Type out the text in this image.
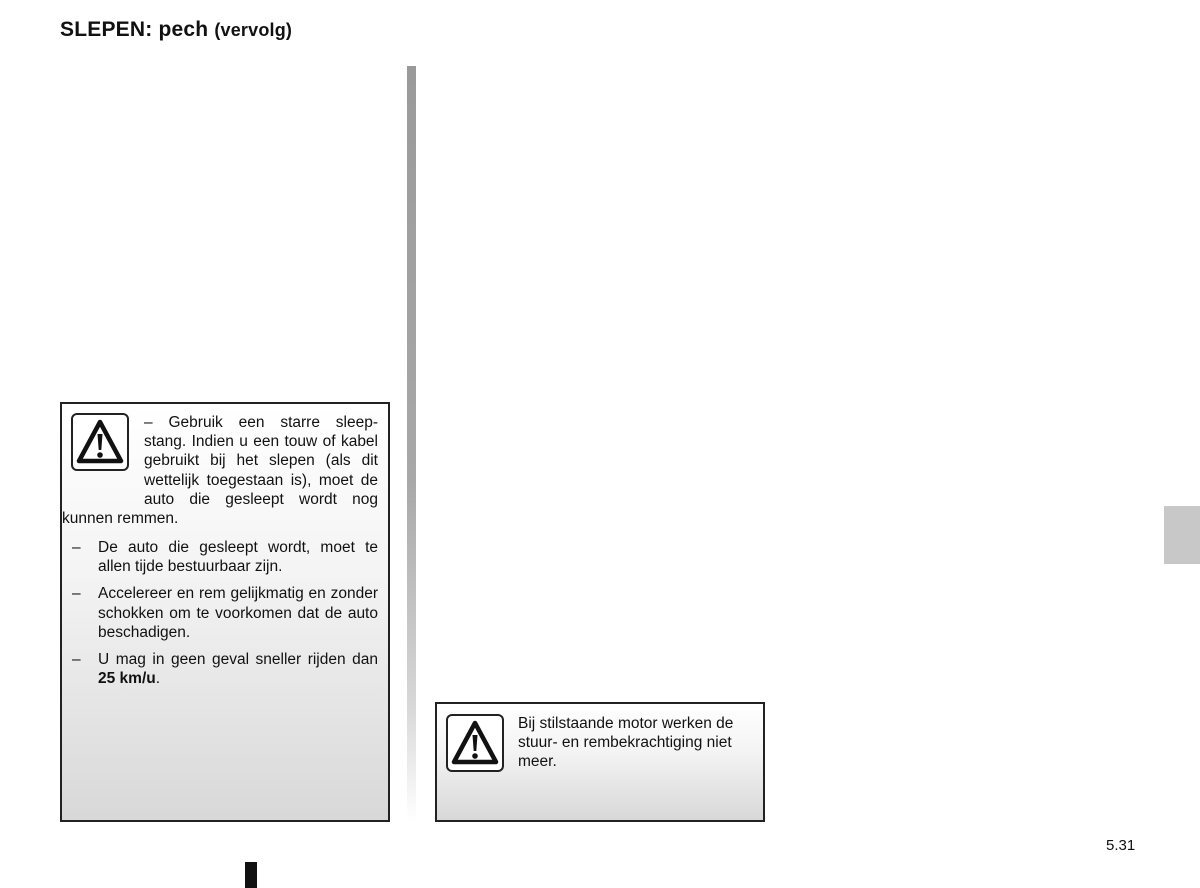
SLEPEN: pech (vervolg)
– Gebruik een starre sleep- stang. Indien u een touw of kabel gebruikt bij het slepen (als dit wettelijk toegestaan is), moet de auto die gesleept wordt nog kunnen remmen.
– De auto die gesleept wordt, moet te allen tijde bestuurbaar zijn.
– Accelereer en rem gelijkmatig en zonder schokken om te voorkomen dat de auto beschadigen.
– U mag in geen geval sneller rijden dan 25 km/u.
Bij stilstaande motor werken de stuur- en rembekrachtiging niet meer.
5.31
